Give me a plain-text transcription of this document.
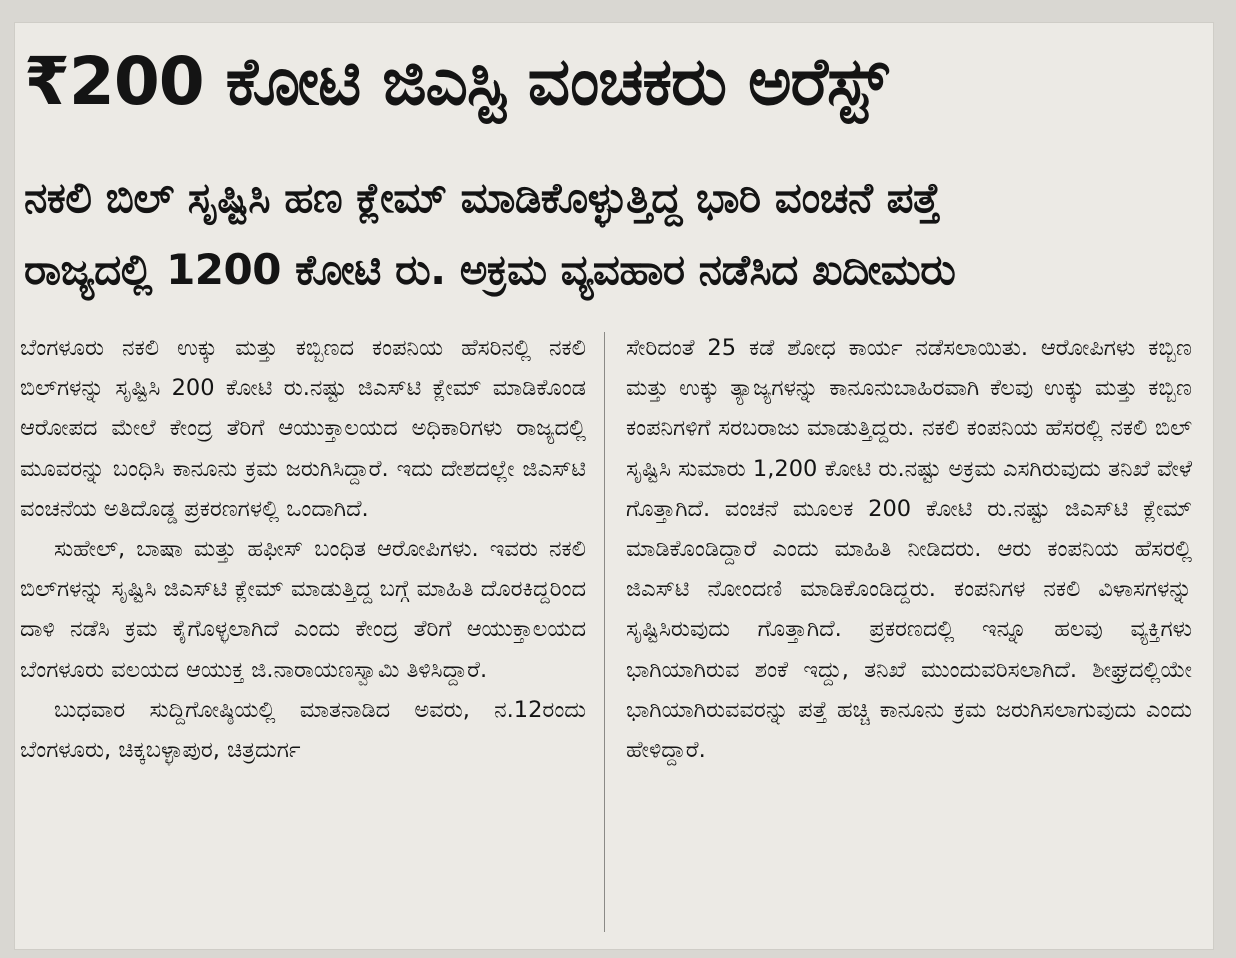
₹200 ಕೋಟಿ ಜಿಎಸ್ಟಿ ವಂಚಕರು ಅರೆಸ್ಟ್
ನಕಲಿ ಬಿಲ್ ಸೃಷ್ಟಿಸಿ ಹಣ ಕ್ಲೇಮ್ ಮಾಡಿಕೊಳ್ಳುತ್ತಿದ್ದ ಭಾರಿ ವಂಚನೆ ಪತ್ತೆ
ರಾಜ್ಯದಲ್ಲಿ 1200 ಕೋಟಿ ರು. ಅಕ್ರಮ ವ್ಯವಹಾರ ನಡೆಸಿದ ಖದೀಮರು

ಬೆಂಗಳೂರು ನಕಲಿ ಉಕ್ಕು ಮತ್ತು ಕಬ್ಬಿಣದ ಕಂಪನಿಯ ಹೆಸರಿನಲ್ಲಿ ನಕಲಿ ಬಿಲ್‌ಗಳನ್ನು ಸೃಷ್ಟಿಸಿ 200 ಕೋಟಿ ರು.ನಷ್ಟು ಜಿಎಸ್‌ಟಿ ಕ್ಲೇಮ್ ಮಾಡಿಕೊಂಡ ಆರೋಪದ ಮೇಲೆ ಕೇಂದ್ರ ತೆರಿಗೆ ಆಯುಕ್ತಾಲಯದ ಅಧಿಕಾರಿಗಳು ರಾಜ್ಯದಲ್ಲಿ ಮೂವರನ್ನು ಬಂಧಿಸಿ ಕಾನೂನು ಕ್ರಮ ಜರುಗಿಸಿದ್ದಾರೆ. ಇದು ದೇಶದಲ್ಲೇ ಜಿಎಸ್‌ಟಿ ವಂಚನೆಯ ಅತಿದೊಡ್ಡ ಪ್ರಕರಣಗಳಲ್ಲಿ ಒಂದಾಗಿದೆ.

ಸುಹೇಲ್, ಬಾಷಾ ಮತ್ತು ಹಫೀಸ್ ಬಂಧಿತ ಆರೋಪಿಗಳು. ಇವರು ನಕಲಿ ಬಿಲ್‌ಗಳನ್ನು ಸೃಷ್ಟಿಸಿ ಜಿಎಸ್‌ಟಿ ಕ್ಲೇಮ್ ಮಾಡುತ್ತಿದ್ದ ಬಗ್ಗೆ ಮಾಹಿತಿ ದೊರಕಿದ್ದರಿಂದ ದಾಳಿ ನಡೆಸಿ ಕ್ರಮ ಕೈಗೊಳ್ಳಲಾಗಿದೆ ಎಂದು ಕೇಂದ್ರ ತೆರಿಗೆ ಆಯುಕ್ತಾಲಯದ ಬೆಂಗಳೂರು ವಲಯದ ಆಯುಕ್ತ ಜಿ.ನಾರಾಯಣಸ್ವಾಮಿ ತಿಳಿಸಿದ್ದಾರೆ.

ಬುಧವಾರ ಸುದ್ದಿಗೋಷ್ಠಿಯಲ್ಲಿ ಮಾತನಾಡಿದ ಅವರು, ನ.12ರಂದು ಬೆಂಗಳೂರು, ಚಿಕ್ಕಬಳ್ಳಾಪುರ, ಚಿತ್ರದುರ್ಗ

ಸೇರಿದಂತೆ 25 ಕಡೆ ಶೋಧ ಕಾರ್ಯ ನಡೆಸಲಾಯಿತು. ಆರೋಪಿಗಳು ಕಬ್ಬಿಣ ಮತ್ತು ಉಕ್ಕು ತ್ಯಾಜ್ಯಗಳನ್ನು ಕಾನೂನುಬಾಹಿರವಾಗಿ ಕೆಲವು ಉಕ್ಕು ಮತ್ತು ಕಬ್ಬಿಣ ಕಂಪನಿಗಳಿಗೆ ಸರಬರಾಜು ಮಾಡುತ್ತಿದ್ದರು. ನಕಲಿ ಕಂಪನಿಯ ಹೆಸರಲ್ಲಿ ನಕಲಿ ಬಿಲ್ ಸೃಷ್ಟಿಸಿ ಸುಮಾರು 1,200 ಕೋಟಿ ರು.ನಷ್ಟು ಅಕ್ರಮ ಎಸಗಿರುವುದು ತನಿಖೆ ವೇಳೆ ಗೊತ್ತಾಗಿದೆ. ವಂಚನೆ ಮೂಲಕ 200 ಕೋಟಿ ರು.ನಷ್ಟು ಜಿಎಸ್‌ಟಿ ಕ್ಲೇಮ್ ಮಾಡಿಕೊಂಡಿದ್ದಾರೆ ಎಂದು ಮಾಹಿತಿ ನೀಡಿದರು. ಆರು ಕಂಪನಿಯ ಹೆಸರಲ್ಲಿ ಜಿಎಸ್‌ಟಿ ನೋಂದಣಿ ಮಾಡಿಕೊಂಡಿದ್ದರು. ಕಂಪನಿಗಳ ನಕಲಿ ವಿಳಾಸಗಳನ್ನು ಸೃಷ್ಟಿಸಿರುವುದು ಗೊತ್ತಾಗಿದೆ. ಪ್ರಕರಣದಲ್ಲಿ ಇನ್ನೂ ಹಲವು ವ್ಯಕ್ತಿಗಳು ಭಾಗಿಯಾಗಿರುವ ಶಂಕೆ ಇದ್ದು, ತನಿಖೆ ಮುಂದುವರಿಸಲಾಗಿದೆ. ಶೀಘ್ರದಲ್ಲಿಯೇ ಭಾಗಿಯಾಗಿರುವವರನ್ನು ಪತ್ತೆ ಹಚ್ಚಿ ಕಾನೂನು ಕ್ರಮ ಜರುಗಿಸಲಾಗುವುದು ಎಂದು ಹೇಳಿದ್ದಾರೆ.
